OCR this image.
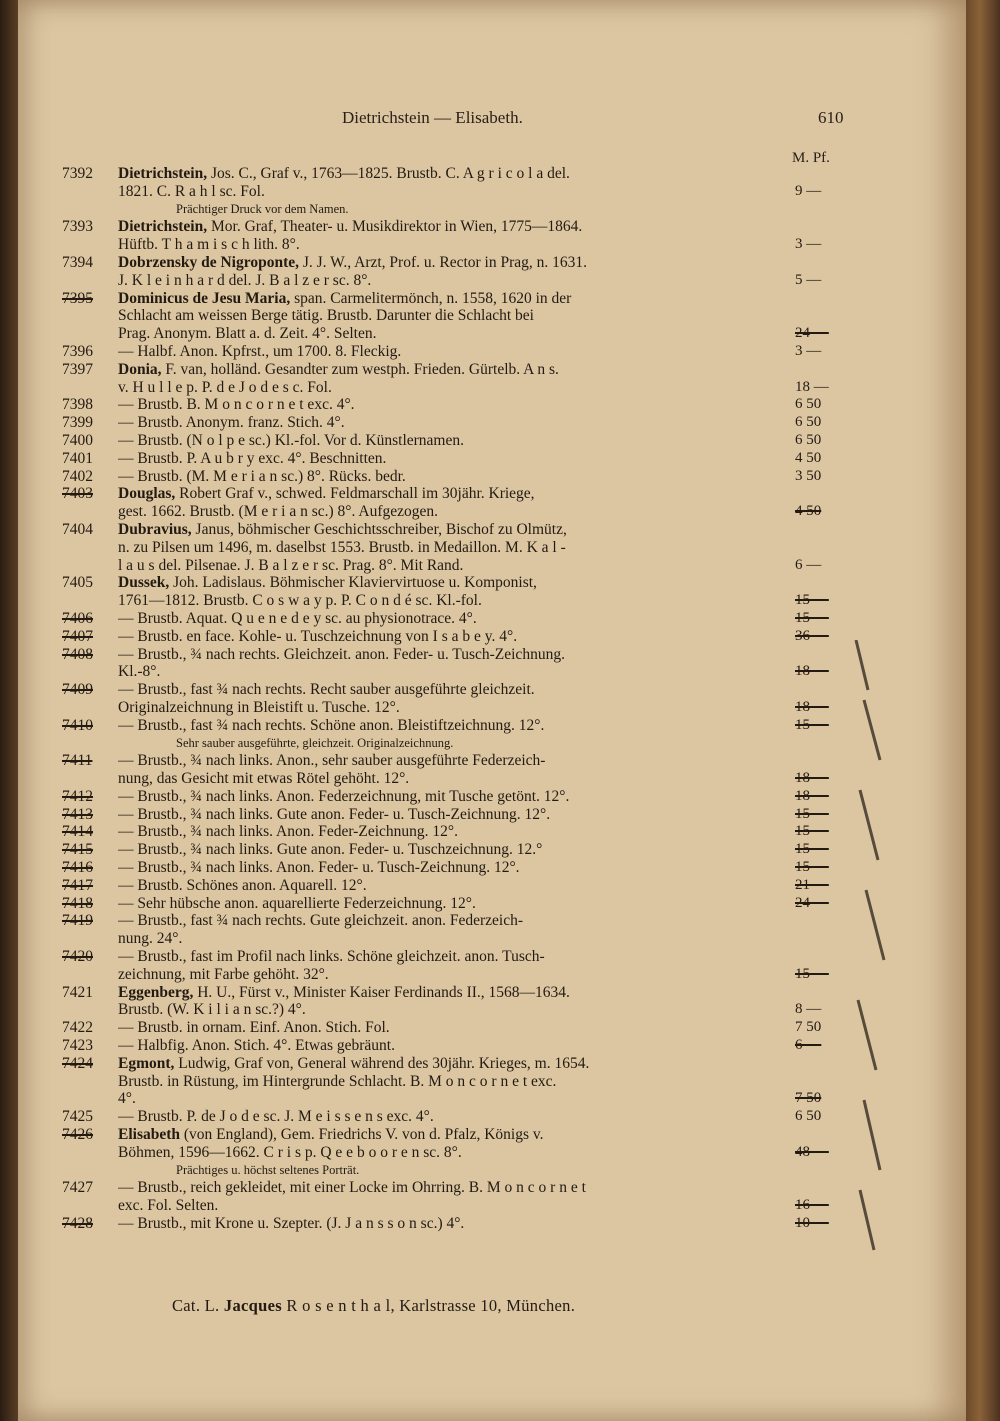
Dietrichstein — Elisabeth.	610
M. Pf.
7392	Dietrichstein, Jos. C., Graf v., 1763—1825. Brustb. C. A g r i c o l a del.
1821. C. R a h l sc. Fol.	9 —
Prächtiger Druck vor dem Namen.
7393	Dietrichstein, Mor. Graf, Theater- u. Musikdirektor in Wien, 1775—1864.
Hüftb. T h a m i s c h lith. 8°.	3 —
7394	Dobrzensky de Nigroponte, J. J. W., Arzt, Prof. u. Rector in Prag, n. 1631.
J. K l e i n h a r d del. J. B a l z e r sc. 8°.	5 —
7395	Dominicus de Jesu Maria, span. Carmelitermönch, n. 1558, 1620 in der
Schlacht am weissen Berge tätig. Brustb. Darunter die Schlacht bei
Prag. Anonym. Blatt a. d. Zeit. 4°. Selten.	24 —
7396	— Halbf. Anon. Kpfrst., um 1700. 8. Fleckig.	3 —
7397	Donia, F. van, holländ. Gesandter zum westph. Frieden. Gürtelb. A n s.
v. H u l l e p. P. d e J o d e s c. Fol.	18 —
7398	— Brustb. B. M o n c o r n e t exc. 4°.	6 50
7399	— Brustb. Anonym. franz. Stich. 4°.	6 50
7400	— Brustb. (N o l p e sc.) Kl.-fol. Vor d. Künstlernamen.	6 50
7401	— Brustb. P. A u b r y exc. 4°. Beschnitten.	4 50
7402	— Brustb. (M. M e r i a n sc.) 8°. Rücks. bedr.	3 50
7403	Douglas, Robert Graf v., schwed. Feldmarschall im 30jähr. Kriege,
gest. 1662. Brustb. (M e r i a n sc.) 8°. Aufgezogen.	4 50
7404	Dubravius, Janus, böhmischer Geschichtsschreiber, Bischof zu Olmütz,
n. zu Pilsen um 1496, m. daselbst 1553. Brustb. in Medaillon. M. K a l -
l a u s del. Pilsenae. J. B a l z e r sc. Prag. 8°. Mit Rand.	6 —
7405	Dussek, Joh. Ladislaus. Böhmischer Klaviervirtuose u. Komponist,
1761—1812. Brustb. C o s w a y p. P. C o n d é sc. Kl.-fol.	15 —
7406	— Brustb. Aquat. Q u e n e d e y sc. au physionotrace. 4°.	15 —
7407	— Brustb. en face. Kohle- u. Tuschzeichnung von I s a b e y. 4°.	36 —
7408	— Brustb., ¾ nach rechts. Gleichzeit. anon. Feder- u. Tusch-Zeichnung.
Kl.-8°.	18 —
7409	— Brustb., fast ¾ nach rechts. Recht sauber ausgeführte gleichzeit.
Originalzeichnung in Bleistift u. Tusche. 12°.	18 —
7410	— Brustb., fast ¾ nach rechts. Schöne anon. Bleistiftzeichnung. 12°.	15 —
Sehr sauber ausgeführte, gleichzeit. Originalzeichnung.
7411	— Brustb., ¾ nach links. Anon., sehr sauber ausgeführte Federzeich-
nung, das Gesicht mit etwas Rötel gehöht. 12°.	18 —
7412	— Brustb., ¾ nach links. Anon. Federzeichnung, mit Tusche getönt. 12°.	18 —
7413	— Brustb., ¾ nach links. Gute anon. Feder- u. Tusch-Zeichnung. 12°.	15 —
7414	— Brustb., ¾ nach links. Anon. Feder-Zeichnung. 12°.	15 —
7415	— Brustb., ¾ nach links. Gute anon. Feder- u. Tuschzeichnung. 12.°	15 —
7416	— Brustb., ¾ nach links. Anon. Feder- u. Tusch-Zeichnung. 12°.	15 —
7417	— Brustb. Schönes anon. Aquarell. 12°.	21 —
7418	— Sehr hübsche anon. aquarellierte Federzeichnung. 12°.	24 —
7419	— Brustb., fast ¾ nach rechts. Gute gleichzeit. anon. Federzeich-
nung. 24°.
7420	— Brustb., fast im Profil nach links. Schöne gleichzeit. anon. Tusch-
zeichnung, mit Farbe gehöht. 32°.	15 —
7421	Eggenberg, H. U., Fürst v., Minister Kaiser Ferdinands II., 1568—1634.
Brustb. (W. K i l i a n sc.?) 4°.	8 —
7422	— Brustb. in ornam. Einf. Anon. Stich. Fol.	7 50
7423	— Halbfig. Anon. Stich. 4°. Etwas gebräunt.	6 —
7424	Egmont, Ludwig, Graf von, General während des 30jähr. Krieges, m. 1654.
Brustb. in Rüstung, im Hintergrunde Schlacht. B. M o n c o r n e t exc.
4°.	7 50
7425	— Brustb. P. de J o d e sc. J. M e i s s e n s exc. 4°.	6 50
7426	Elisabeth (von England), Gem. Friedrichs V. von d. Pfalz, Königs v.
Böhmen, 1596—1662. C r i s p. Q e e b o o r e n sc. 8°.	48 —
Prächtiges u. höchst seltenes Porträt.
7427	— Brustb., reich gekleidet, mit einer Locke im Ohrring. B. M o n c o r n e t
exc. Fol. Selten.	16 —
7428	— Brustb., mit Krone u. Szepter. (J. J a n s s o n sc.) 4°.	10 —
Cat. L. Jacques R o s e n t h a l, Karlstrasse 10, München.
